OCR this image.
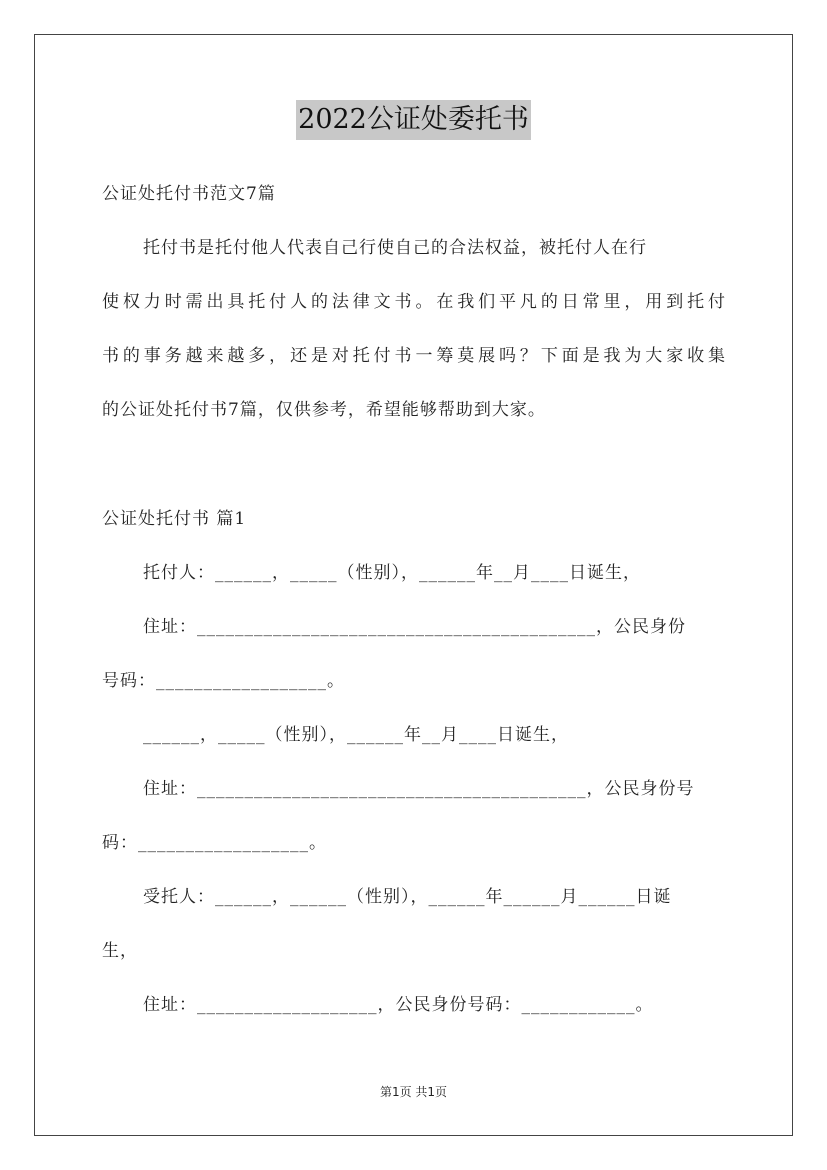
2022公证处委托书
公证处托付书范文7篇
托付书是托付他人代表自己行使自己的合法权益，被托付人在行
使权力时需出具托付人的法律文书。在我们平凡的日常里，用到托付
书的事务越来越多，还是对托付书一筹莫展吗？下面是我为大家收集
的公证处托付书7篇，仅供参考，希望能够帮助到大家。
公证处托付书 篇1
托付人：______，_____（性别），______年__月____日诞生，
住址：__________________________________________，公民身份
号码：__________________。
______，_____（性别），______年__月____日诞生，
住址：_________________________________________，公民身份号
码：__________________。
受托人：______，______（性别），______年______月______日诞
生，
住址：___________________，公民身份号码：____________。
第1页 共1页
